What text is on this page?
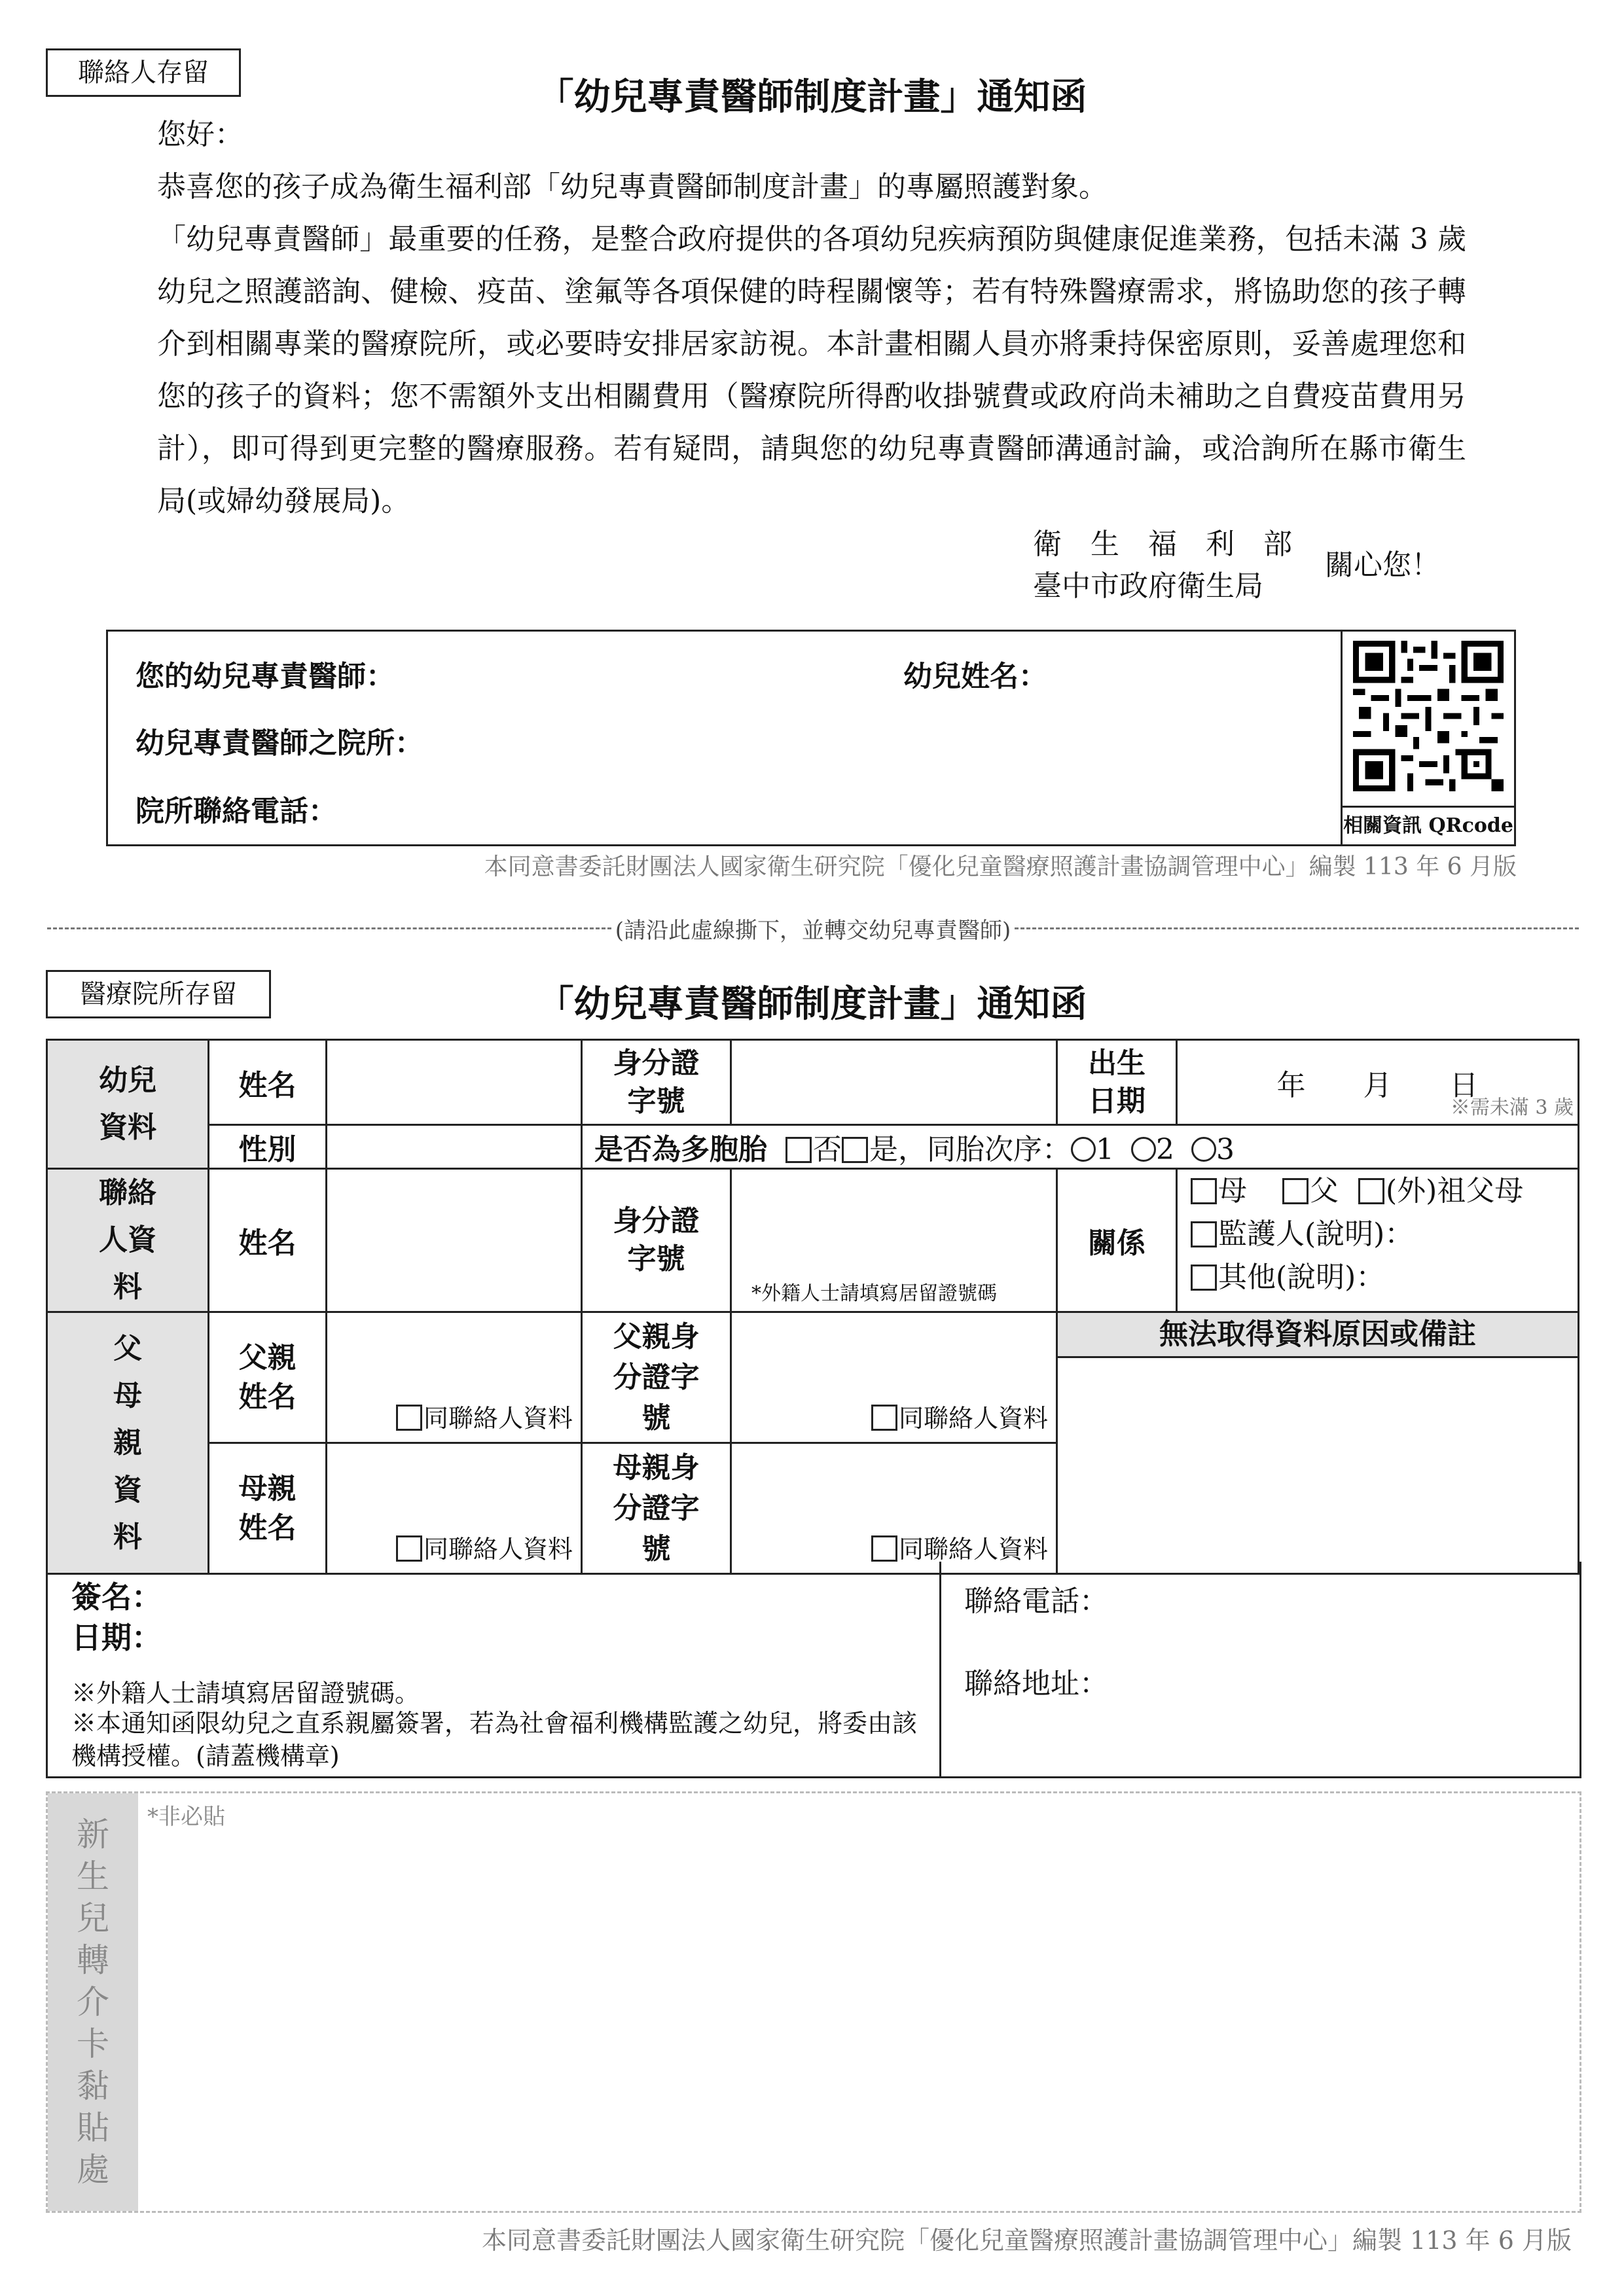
聯絡人存留
「幼兒專責醫師制度計畫」通知函

您好：

恭喜您的孩子成為衛生福利部「幼兒專責醫師制度計畫」的專屬照護對象。

「幼兒專責醫師」最重要的任務，是整合政府提供的各項幼兒疾病預防與健康促進業務，包括未滿 3 歲幼兒之照護諮詢、健檢、疫苗、塗氟等各項保健的時程關懷等；若有特殊醫療需求，將協助您的孩子轉介到相關專業的醫療院所，或必要時安排居家訪視。本計畫相關人員亦將秉持保密原則，妥善處理您和您的孩子的資料；您不需額外支出相關費用（醫療院所得酌收掛號費或政府尚未補助之自費疫苗費用另計），即可得到更完整的醫療服務。若有疑問，請與您的幼兒專責醫師溝通討論，或洽詢所在縣市衛生局(或婦幼發展局)。

衛　生　福　利　部
臺中市政府衛生局
關心您！
您的幼兒專責醫師：	幼兒姓名：
幼兒專責醫師之院所：
院所聯絡電話：	相關資訊 QRcode
本同意書委託財團法人國家衛生研究院「優化兒童醫療照護計畫協調管理中心」編製 113 年 6 月版
(請沿此虛線撕下，並轉交幼兒專責醫師)
醫療院所存留	「幼兒專責醫師制度計畫」通知函
幼兒資料	姓名		身分證字號		出生日期	年　　月　　日
※需未滿 3 歲

	性別		是否為多胞胎 否 是，同胎次序： 1 2 3			
聯絡人資料	姓名		身分證字號	*外籍人士請填寫居留證號碼	關係	母 父 (外)祖父母
監護人(說明)：
其他(說明)：

父
母
親
資
料	父親姓名	同聯絡人資料	父親身分證字號	同聯絡人資料	無法取得資料原因或備註	

	母親姓名	同聯絡人資料	母親身分證字號	同聯絡人資料		
簽名：
日期：
※外籍人士請填寫居留證號碼。
※本通知函限幼兒之直系親屬簽署，若為社會福利機構監護之幼兒，將委由該機構授權。(請蓋機構章)
聯絡電話：
聯絡地址：
新
生
兒
轉
介
卡
黏
貼
處
*非必貼
本同意書委託財團法人國家衛生研究院「優化兒童醫療照護計畫協調管理中心」編製 113 年 6 月版
